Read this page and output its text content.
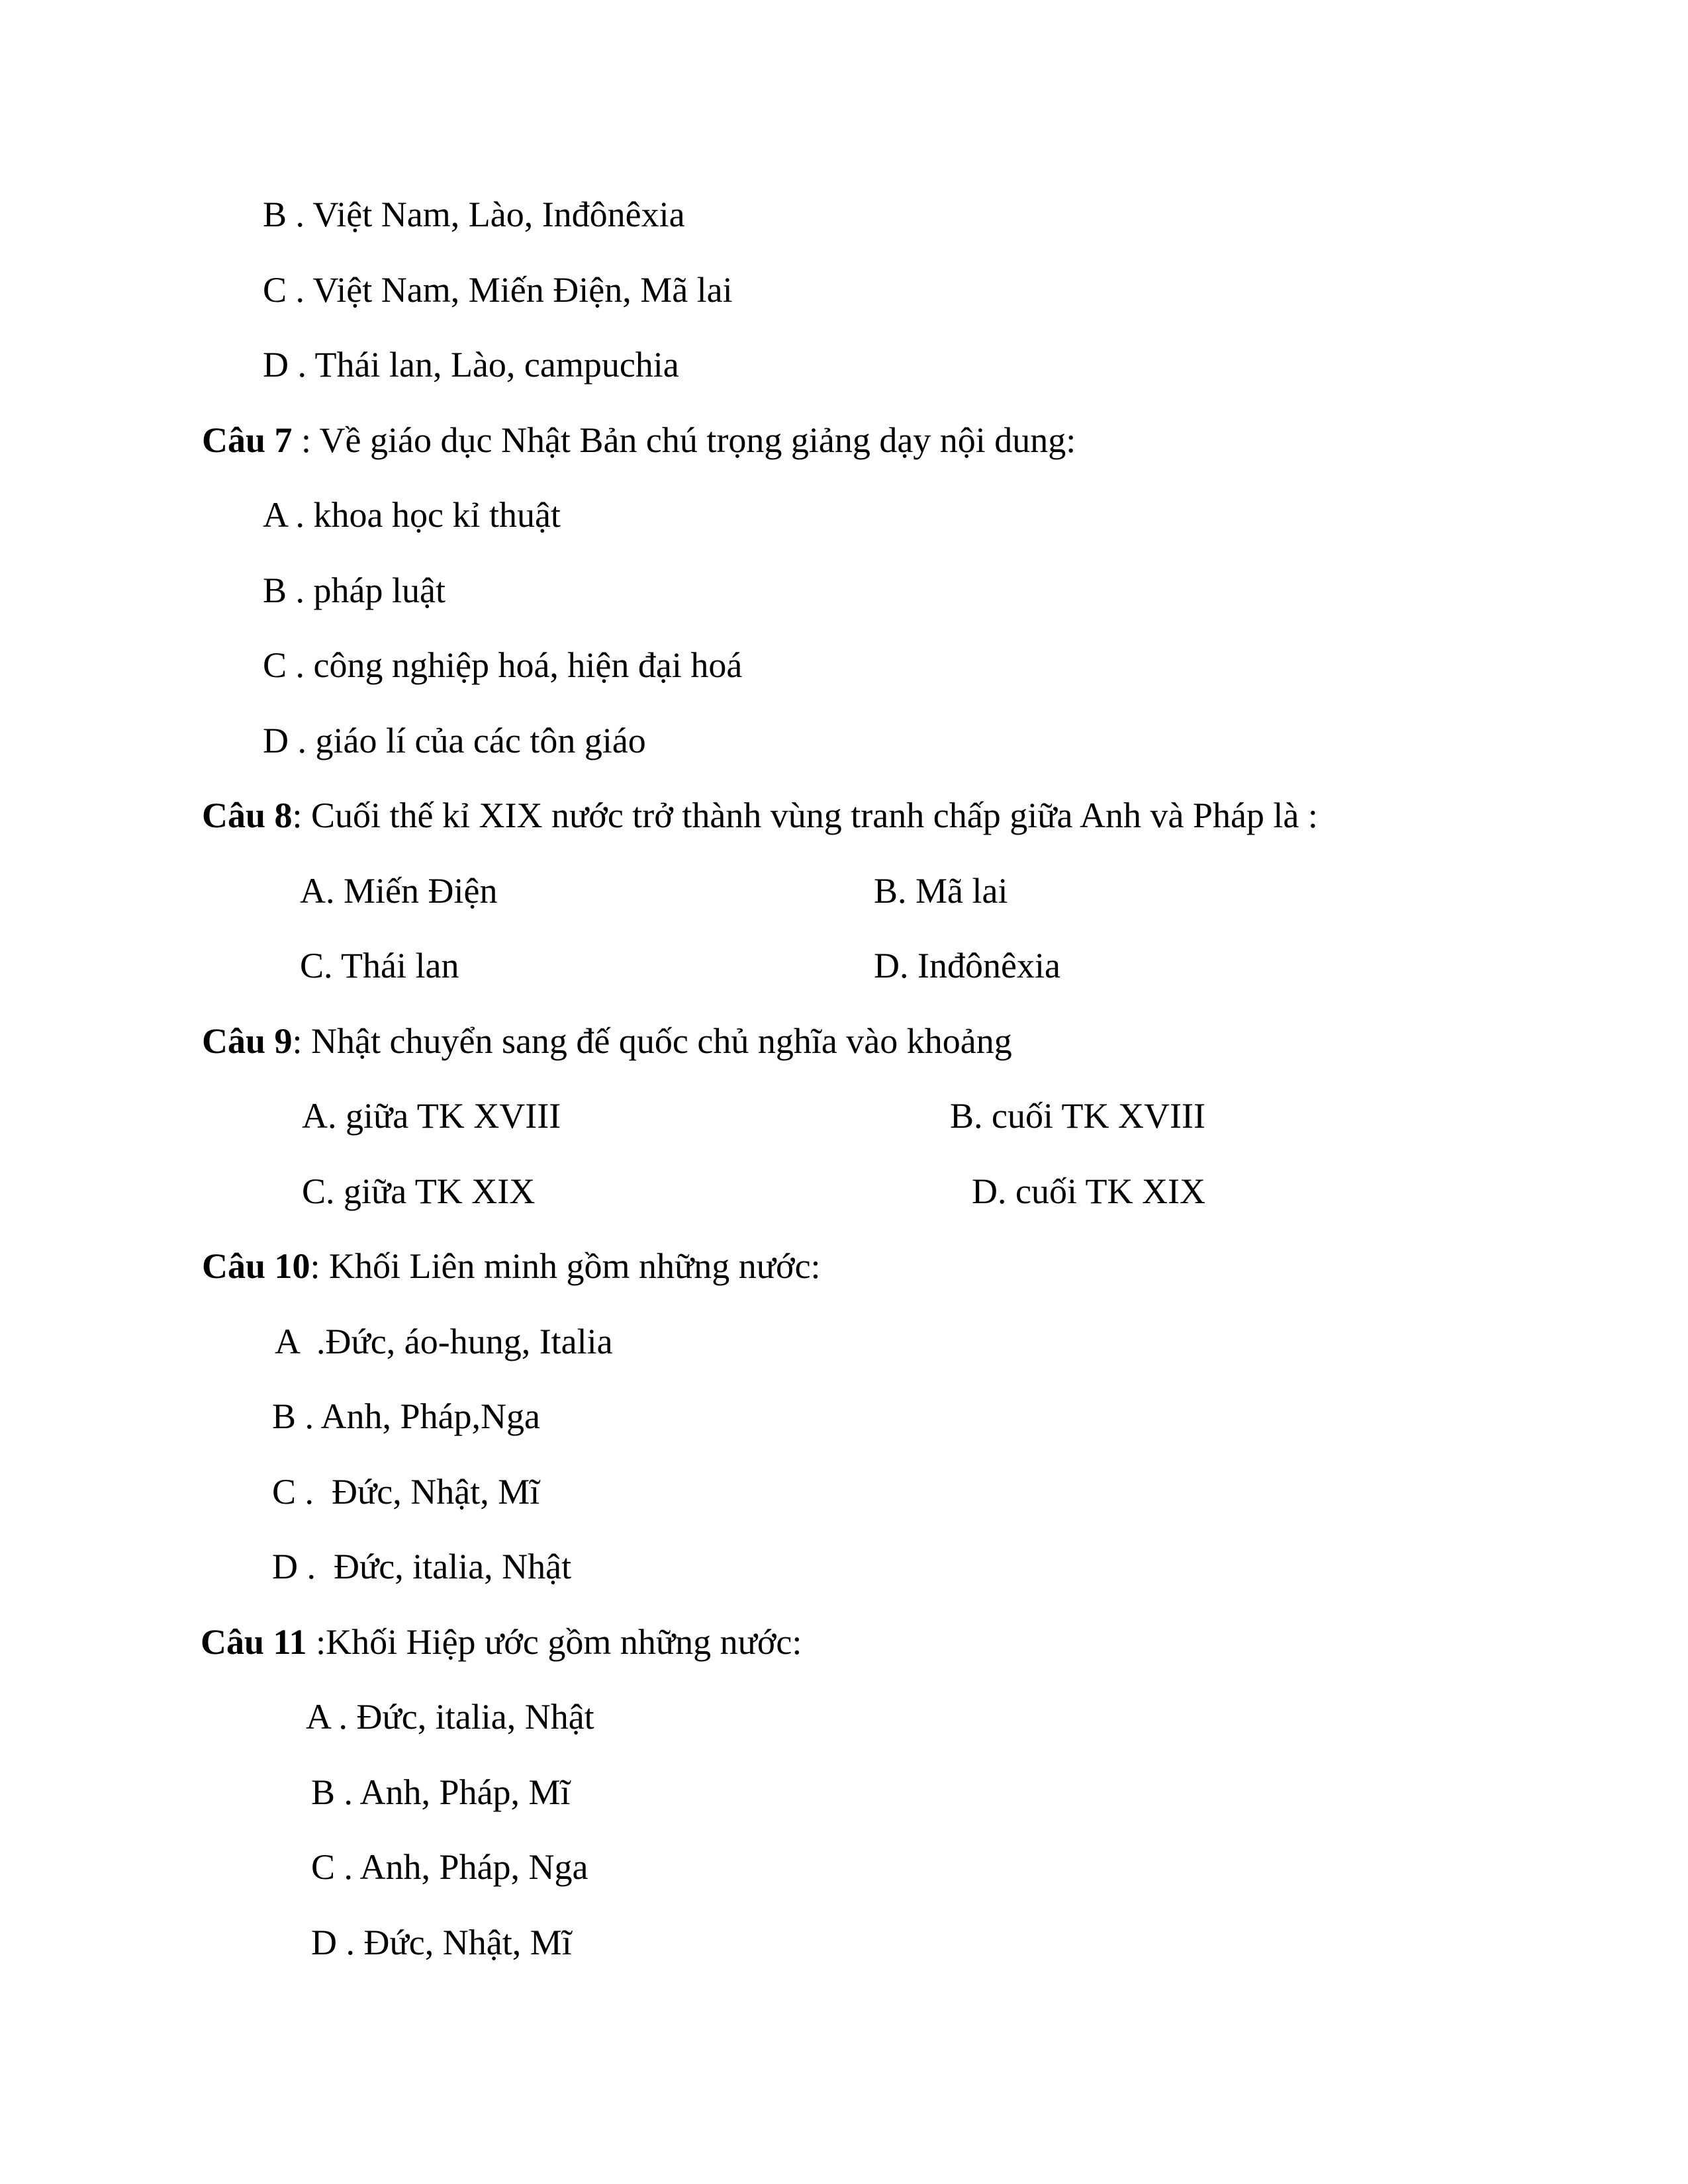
B . Việt Nam, Lào, Inđônêxia
C . Việt Nam, Miến Điện, Mã lai
D . Thái lan, Lào, campuchia
Câu 7 : Về giáo dục Nhật Bản chú trọng giảng dạy nội dung:
A . khoa học kỉ thuật
B . pháp luật
C . công nghiệp hoá, hiện đại hoá
D . giáo lí của các tôn giáo
Câu 8: Cuối thế kỉ XIX nước trở thành vùng tranh chấp giữa Anh và Pháp là :
A. Miến Điện	B. Mã lai
C. Thái lan	D. Inđônêxia
Câu 9: Nhật chuyển sang đế quốc chủ nghĩa vào khoảng
A. giữa TK XVIII	B. cuối TK XVIII
C. giữa TK XIX	D. cuối TK XIX
Câu 10: Khối Liên minh gồm những nước:
A  .Đức, áo-hung, Italia
B . Anh, Pháp,Nga
C .  Đức, Nhật, Mĩ
D .  Đức, italia, Nhật
Câu 11 :Khối Hiệp ước gồm những nước:
A . Đức, italia, Nhật
B . Anh, Pháp, Mĩ
C . Anh, Pháp, Nga
D . Đức, Nhật, Mĩ
